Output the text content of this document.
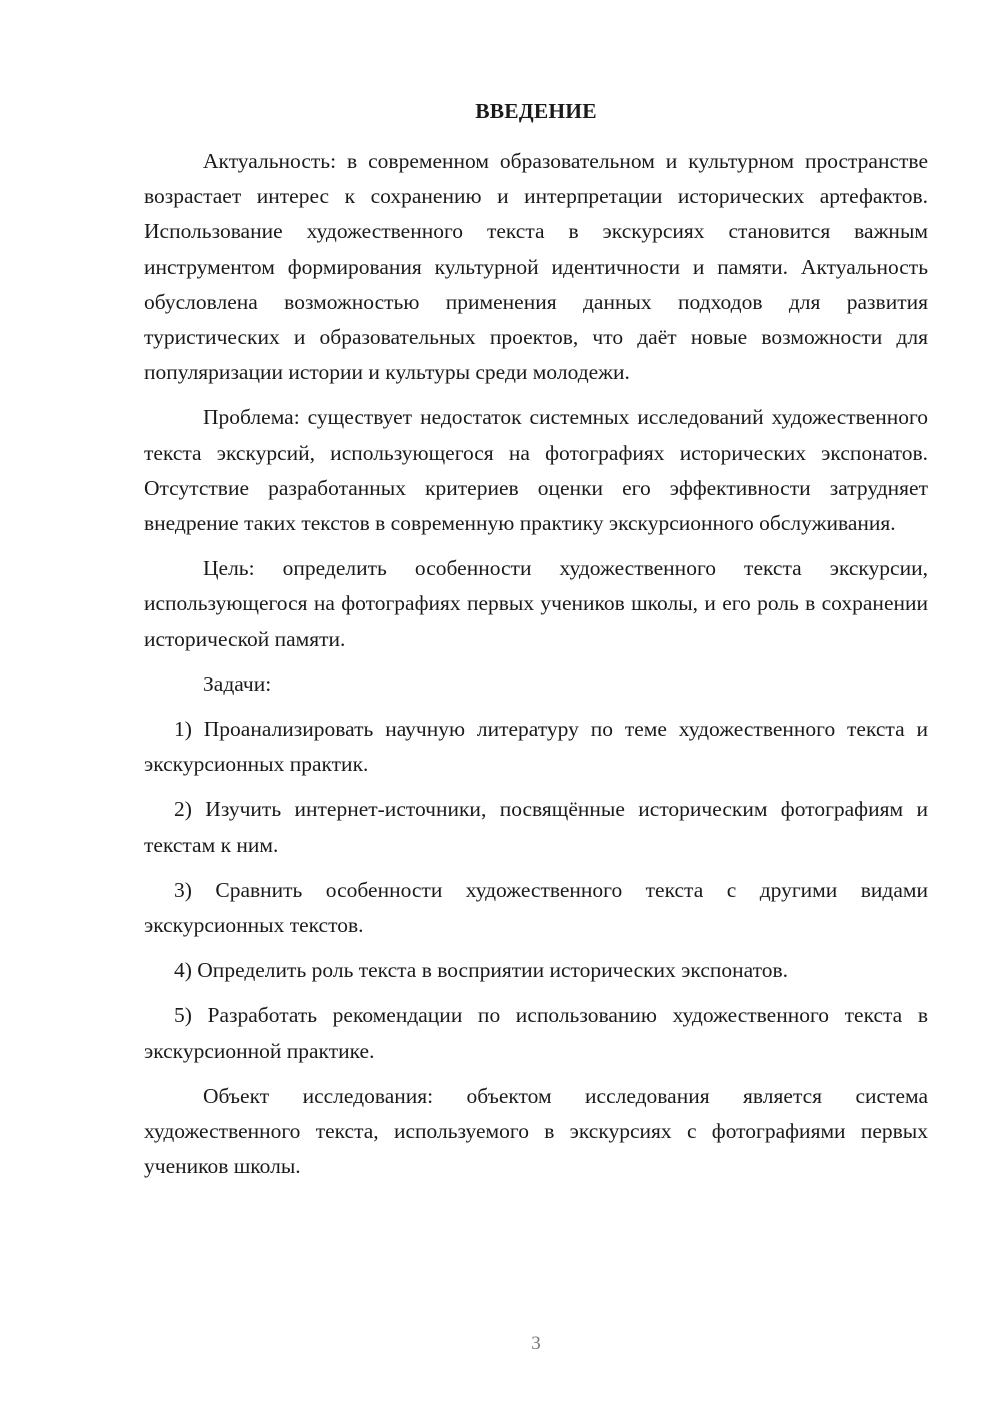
ВВЕДЕНИЕ

Актуальность: в современном образовательном и культурном пространстве возрастает интерес к сохранению и интерпретации исторических артефактов. Использование художественного текста в экскурсиях становится важным инструментом формирования культурной идентичности и памяти. Актуальность обусловлена возможностью применения данных подходов для развития туристических и образовательных проектов, что даёт новые возможности для популяризации истории и культуры среди молодежи.

Проблема: существует недостаток системных исследований художественного текста экскурсий, использующегося на фотографиях исторических экспонатов. Отсутствие разработанных критериев оценки его эффективности затрудняет внедрение таких текстов в современную практику экскурсионного обслуживания.

Цель: определить особенности художественного текста экскурсии, использующегося на фотографиях первых учеников школы, и его роль в сохранении исторической памяти.

Задачи:

1) Проанализировать научную литературу по теме художественного текста и экскурсионных практик.

2) Изучить интернет-источники, посвящённые историческим фотографиям и текстам к ним.

3) Сравнить особенности художественного текста с другими видами экскурсионных текстов.

4) Определить роль текста в восприятии исторических экспонатов.

5) Разработать рекомендации по использованию художественного текста в экскурсионной практике.

Объект исследования: объектом исследования является система художественного текста, используемого в экскурсиях с фотографиями первых учеников школы.

3
